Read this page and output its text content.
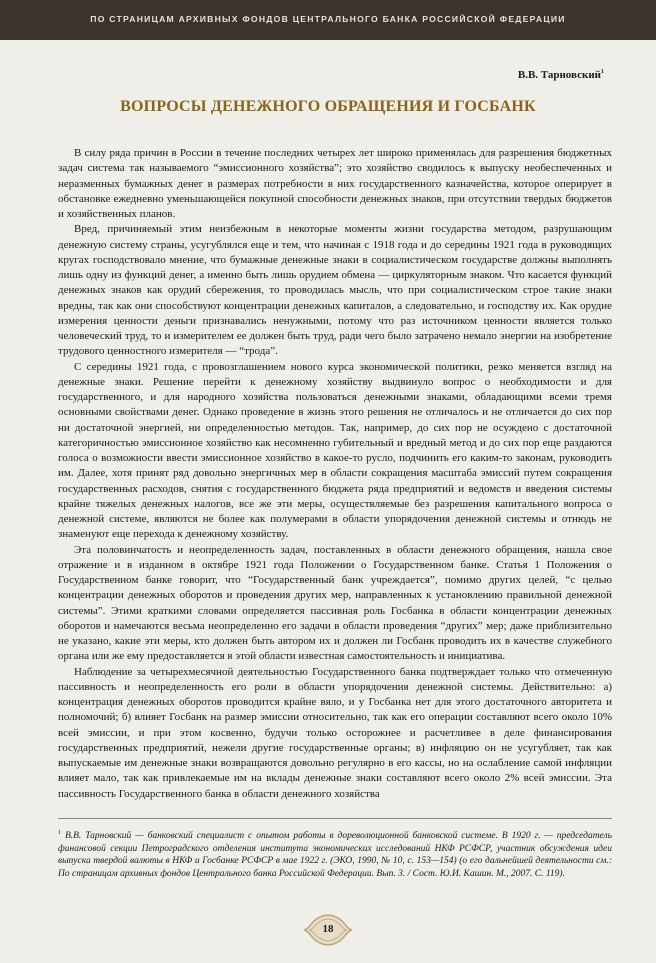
ПО СТРАНИЦАМ АРХИВНЫХ ФОНДОВ ЦЕНТРАЛЬНОГО БАНКА РОССИЙСКОЙ ФЕДЕРАЦИИ
В.В. Тарновский$^1$
ВОПРОСЫ ДЕНЕЖНОГО ОБРАЩЕНИЯ И ГОСБАНК

В силу ряда причин в России в течение последних четырех лет широко применялась для разрешения бюджетных задач система так называемого “эмиссионного хозяйства”; это хозяйство сводилось к выпуску необеспеченных и неразменных бумажных денег в размерах потребности в них государственного казначейства, которое оперирует в обстановке ежедневно уменьшающейся покупной способности денежных знаков, при отсутствии твердых бюджетов и хозяйственных планов.

Вред, причиняемый этим неизбежным в некоторые моменты жизни государства методом, разрушающим денежную систему страны, усугублялся еще и тем, что начиная с 1918 года и до середины 1921 года в руководящих кругах господствовало мнение, что бумажные денежные знаки в социалистическом государстве должны выполнять лишь одну из функций денег, а именно быть лишь орудием обмена — циркуляторным знаком. Что касается функций денежных знаков как орудий сбережения, то проводилась мысль, что при социалистическом строе такие знаки вредны, так как они способствуют концентрации денежных капиталов, а следовательно, и господству их. Как орудие измерения ценности деньги признавались ненужными, потому что раз источником ценности является только человеческий труд, то и измерителем ее должен быть труд, ради чего было затрачено немало энергии на изобретение трудового ценностного измерителя — “трода”.

С середины 1921 года, с провозглашением нового курса экономической политики, резко меняется взгляд на денежные знаки. Решение перейти к денежному хозяйству выдвинуло вопрос о необходимости и для государственного, и для народного хозяйства пользоваться денежными знаками, обладающими всеми тремя основными свойствами денег. Однако проведение в жизнь этого решения не отличалось и не отличается до сих пор ни достаточной энергией, ни определенностью методов. Так, например, до сих пор не осуждено с достаточной категоричностью эмиссионное хозяйство как несомненно губительный и вредный метод и до сих пор еще раздаются голоса о возможности ввести эмиссионное хозяйство в какое-то русло, подчинить его каким-то законам, руководить им. Далее, хотя принят ряд довольно энергичных мер в области сокращения масштаба эмиссий путем сокращения государственных расходов, снятия с государственного бюджета ряда предприятий и ведомств и введения системы крайне тяжелых денежных налогов, все же эти меры, осуществляемые без разрешения капитального вопроса о денежной системе, являются не более как полумерами в области упорядочения денежной системы и отнюдь не знаменуют еще перехода к денежному хозяйству.

Эта половинчатость и неопределенность задач, поставленных в области денежного обращения, нашла свое отражение и в изданном в октябре 1921 года Положении о Государственном банке. Статья 1 Положения о Государственном банке говорит, что “Государственный банк учреждается”, помимо других целей, “с целью концентрации денежных оборотов и проведения других мер, направленных к установлению правильной денежной системы”. Этими краткими словами определяется пассивная роль Госбанка в области концентрации денежных оборотов и намечаются весьма неопределенно его задачи в области проведения “других” мер; даже приблизительно не указано, какие эти меры, кто должен быть автором их и должен ли Госбанк проводить их в качестве служебного органа или же ему предоставляется в этой области известная самостоятельность и инициатива.

Наблюдение за четырехмесячной деятельностью Государственного банка подтверждает только что отмеченную пассивность и неопределенность его роли в области упорядочения денежной системы. Действительно: а) концентрация денежных оборотов проводится крайне вяло, и у Госбанка нет для этого достаточного авторитета и полномочий; б) влияет Госбанк на размер эмиссии относительно, так как его операции составляют всего около 10% всей эмиссии, и при этом косвенно, будучи только осторожнее и расчетливее в деле финансирования государственных предприятий, нежели другие государственные органы; в) инфляцию он не усугубляет, так как выпускаемые им денежные знаки возвращаются довольно регулярно в его кассы, но на ослабление самой инфляции влияет мало, так как привлекаемые им на вклады денежные знаки составляют всего около 2% всей эмиссии. Эта пассивность Государственного банка в области денежного хозяйства

$^1$ В.В. Тарновский — банковский специалист с опытом работы в дореволюционной банковской системе. В 1920 г. — председатель финансовой секции Петроградского отделения института экономических исследований НКФ РСФСР, участник обсуждения идеи выпуска твердой валюты в НКФ и Госбанке РСФСР в мае 1922 г. (ЭКО, 1990, № 10, с. 153—154) (о его дальнейшей деятельности см.: По страницам архивных фондов Центрального банка Российской Федерации. Вып. 3. / Сост. Ю.И. Кашин. М., 2007. С. 119).
18
